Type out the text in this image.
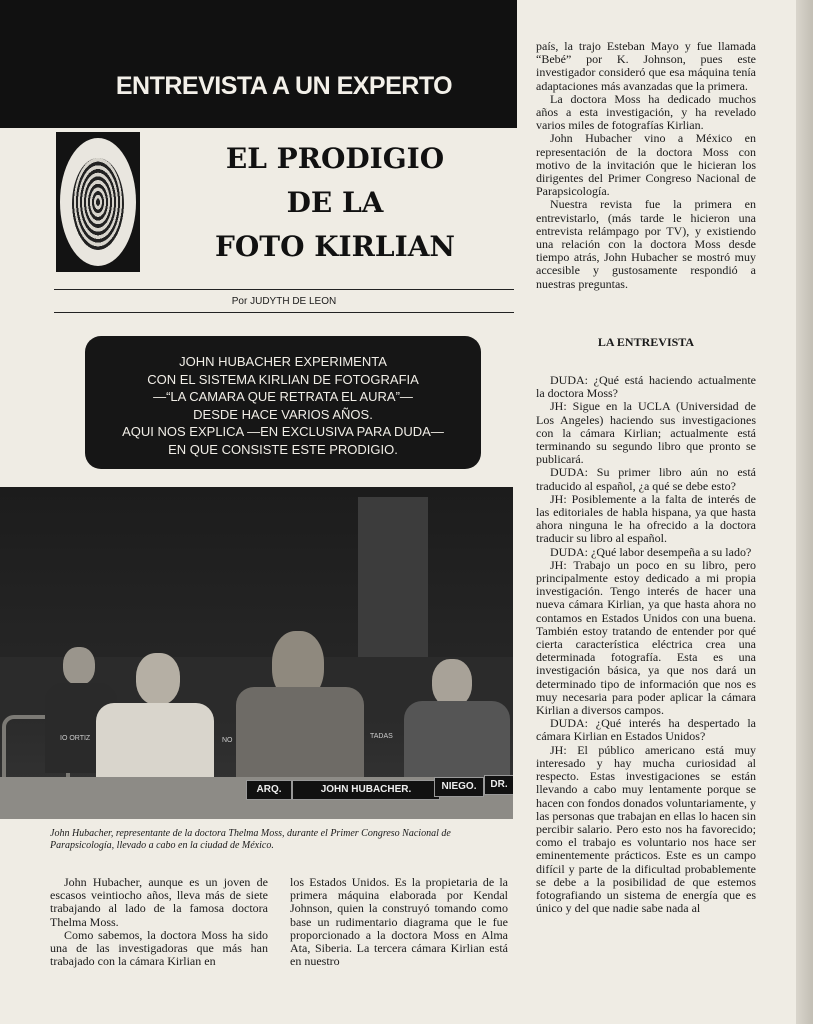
ENTREVISTA A UN EXPERTO
EL PRODIGIO
DE LA
FOTO KIRLIAN
Por JUDYTH DE LEON
JOHN HUBACHER EXPERIMENTA
CON EL SISTEMA KIRLIAN DE FOTOGRAFIA
—“LA CAMARA QUE RETRATA EL AURA”—
DESDE HACE VARIOS AÑOS.
AQUI NOS EXPLICA —EN EXCLUSIVA PARA DUDA—
EN QUE CONSISTE ESTE PRODIGIO.
ARQ.	JOHN HUBACHER.	NIEGO.	DR.
IO ORTIZ	NO
TADAS
John Hubacher, representante de la doctora Thelma Moss, durante el Primer Congreso Nacional de Parapsicología, llevado a cabo en la ciudad de México.

John Hubacher, aunque es un joven de escasos veintiocho años, lleva más de siete trabajando al lado de la famosa doctora Thelma Moss.

Como sabemos, la doctora Moss ha sido una de las investigadoras que más han trabajado con la cámara Kirlian en

los Estados Unidos. Es la propietaria de la primera máquina elaborada por Kendal Johnson, quien la construyó tomando como base un rudimentario diagrama que le fue proporcionado a la doctora Moss en Alma Ata, Siberia. La tercera cámara Kirlian está en nuestro

país, la trajo Esteban Mayo y fue llamada “Bebé” por K. Johnson, pues este investigador consideró que esa máquina tenía adaptaciones más avanzadas que la primera.

La doctora Moss ha dedicado muchos años a esta investigación, y ha revelado varios miles de fotografías Kirlian.

John Hubacher vino a México en representación de la doctora Moss con motivo de la invitación que le hicieran los dirigentes del Primer Congreso Nacional de Parapsicología.

Nuestra revista fue la primera en entrevistarlo, (más tarde le hicieron una entrevista relámpago por TV), y existiendo una relación con la doctora Moss desde tiempo atrás, John Hubacher se mostró muy accesible y gustosamente respondió a nuestras preguntas.

LA ENTREVISTA

DUDA: ¿Qué está haciendo actualmente la doctora Moss?

JH: Sigue en la UCLA (Universidad de Los Angeles) haciendo sus investigaciones con la cámara Kirlian; actualmente está terminando su segundo libro que pronto se publicará.

DUDA: Su primer libro aún no está traducido al español, ¿a qué se debe esto?

JH: Posiblemente a la falta de interés de las editoriales de habla hispana, ya que hasta ahora ninguna le ha ofrecido a la doctora traducir su libro al español.

DUDA: ¿Qué labor desempeña a su lado?

JH: Trabajo un poco en su libro, pero principalmente estoy dedicado a mi propia investigación. Tengo interés de hacer una nueva cámara Kirlian, ya que hasta ahora no contamos en Estados Unidos con una buena. También estoy tratando de entender por qué cierta característica eléctrica crea una determinada fotografía. Esta es una investigación básica, ya que nos dará un determinado tipo de información que nos es muy necesaria para poder aplicar la cámara Kirlian a diversos campos.

DUDA: ¿Qué interés ha despertado la cámara Kirlian en Estados Unidos?

JH: El público americano está muy interesado y hay mucha curiosidad al respecto. Estas investigaciones se están llevando a cabo muy lentamente porque se hacen con fondos donados voluntariamente, y las personas que trabajan en ellas lo hacen sin percibir salario. Pero esto nos ha favorecido; como el trabajo es voluntario nos hace ser eminentemente prácticos. Este es un campo difícil y parte de la dificultad probablemente se debe a la posibilidad de que estemos fotografiando un sistema de energía que es único y del que nadie sabe nada al
